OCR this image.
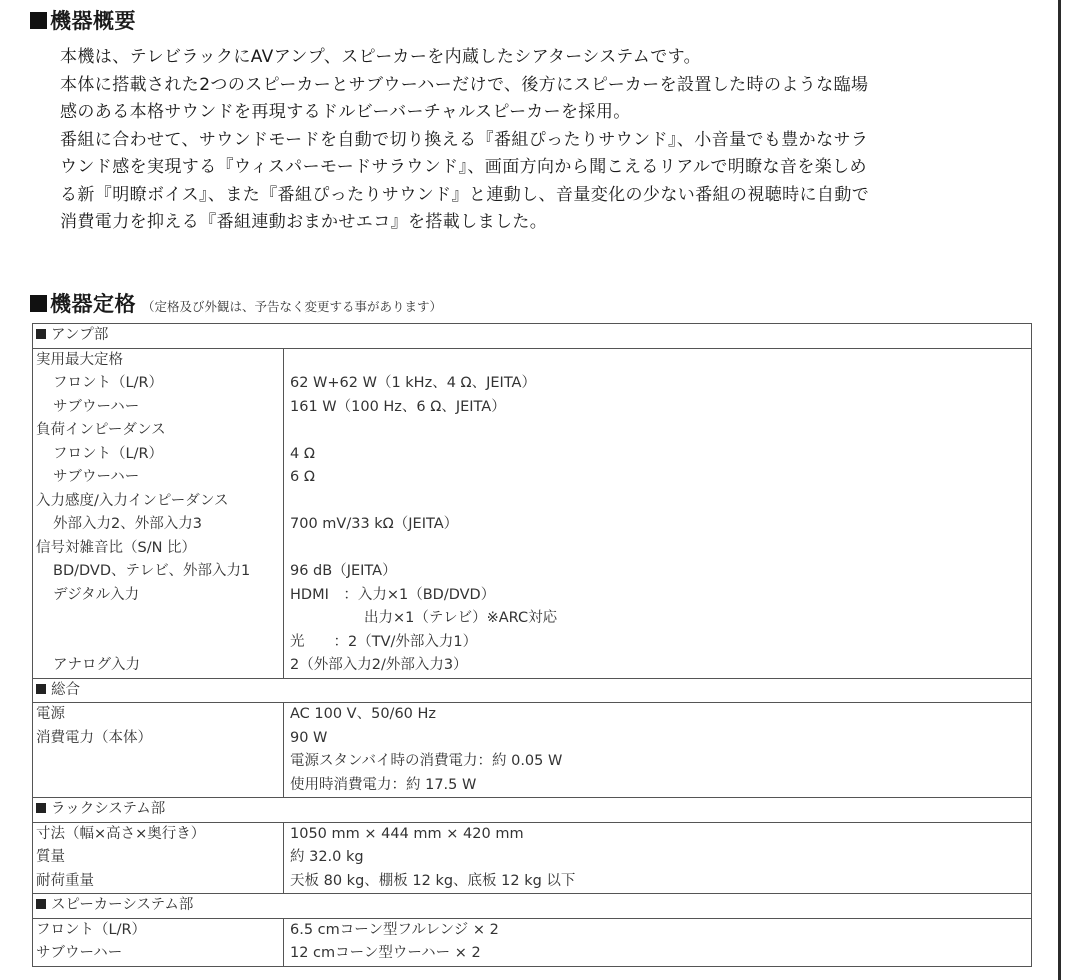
機器概要

本機は、テレビラックにAVアンプ、スピーカーを内蔵したシアターシステムです。

本体に搭載された2つのスピーカーとサブウーハーだけで、後方にスピーカーを設置した時のような臨場

感のある本格サウンドを再現するドルビーバーチャルスピーカーを採用。

番組に合わせて、サウンドモードを自動で切り換える『番組ぴったりサウンド』、小音量でも豊かなサラ

ウンド感を実現する『ウィスパーモードサラウンド』、画面方向から聞こえるリアルで明瞭な音を楽しめ

る新『明瞭ボイス』、また『番組ぴったりサウンド』と連動し、音量変化の少ない番組の視聴時に自動で

消費電力を抑える『番組連動おまかせエコ』を搭載しました。

機器定格 （定格及び外観は、予告なく変更する事があります）
アンプ部	
実用最大定格	
フロント（L/R）	62 W+62 W（1 kHz、4 Ω、JEITA）
サブウーハー	161 W（100 Hz、6 Ω、JEITA）
負荷インピーダンス	
フロント（L/R）	4 Ω
サブウーハー	6 Ω
入力感度/入力インピーダンス	
外部入力2、外部入力3	700 mV/33 kΩ（JEITA）
信号対雑音比（S/N 比）	
BD/DVD、テレビ、外部入力1	96 dB（JEITA）
デジタル入力	HDMI　：入力×1（BD/DVD）
	出力×1（テレビ）※ARC対応
	光　　：2（TV/外部入力1）
アナログ入力	2（外部入力2/外部入力3）
総合	
電源	AC 100 V、50/60 Hz
消費電力（本体）	90 W
	電源スタンバイ時の消費電力：約 0.05 W
	使用時消費電力：約 17.5 W
ラックシステム部	
寸法（幅×高さ×奥行き）	1050 mm × 444 mm × 420 mm
質量	約 32.0 kg
耐荷重量	天板 80 kg、棚板 12 kg、底板 12 kg 以下
スピーカーシステム部	
フロント（L/R）	6.5 cmコーン型フルレンジ × 2
サブウーハー	12 cmコーン型ウーハー × 2
